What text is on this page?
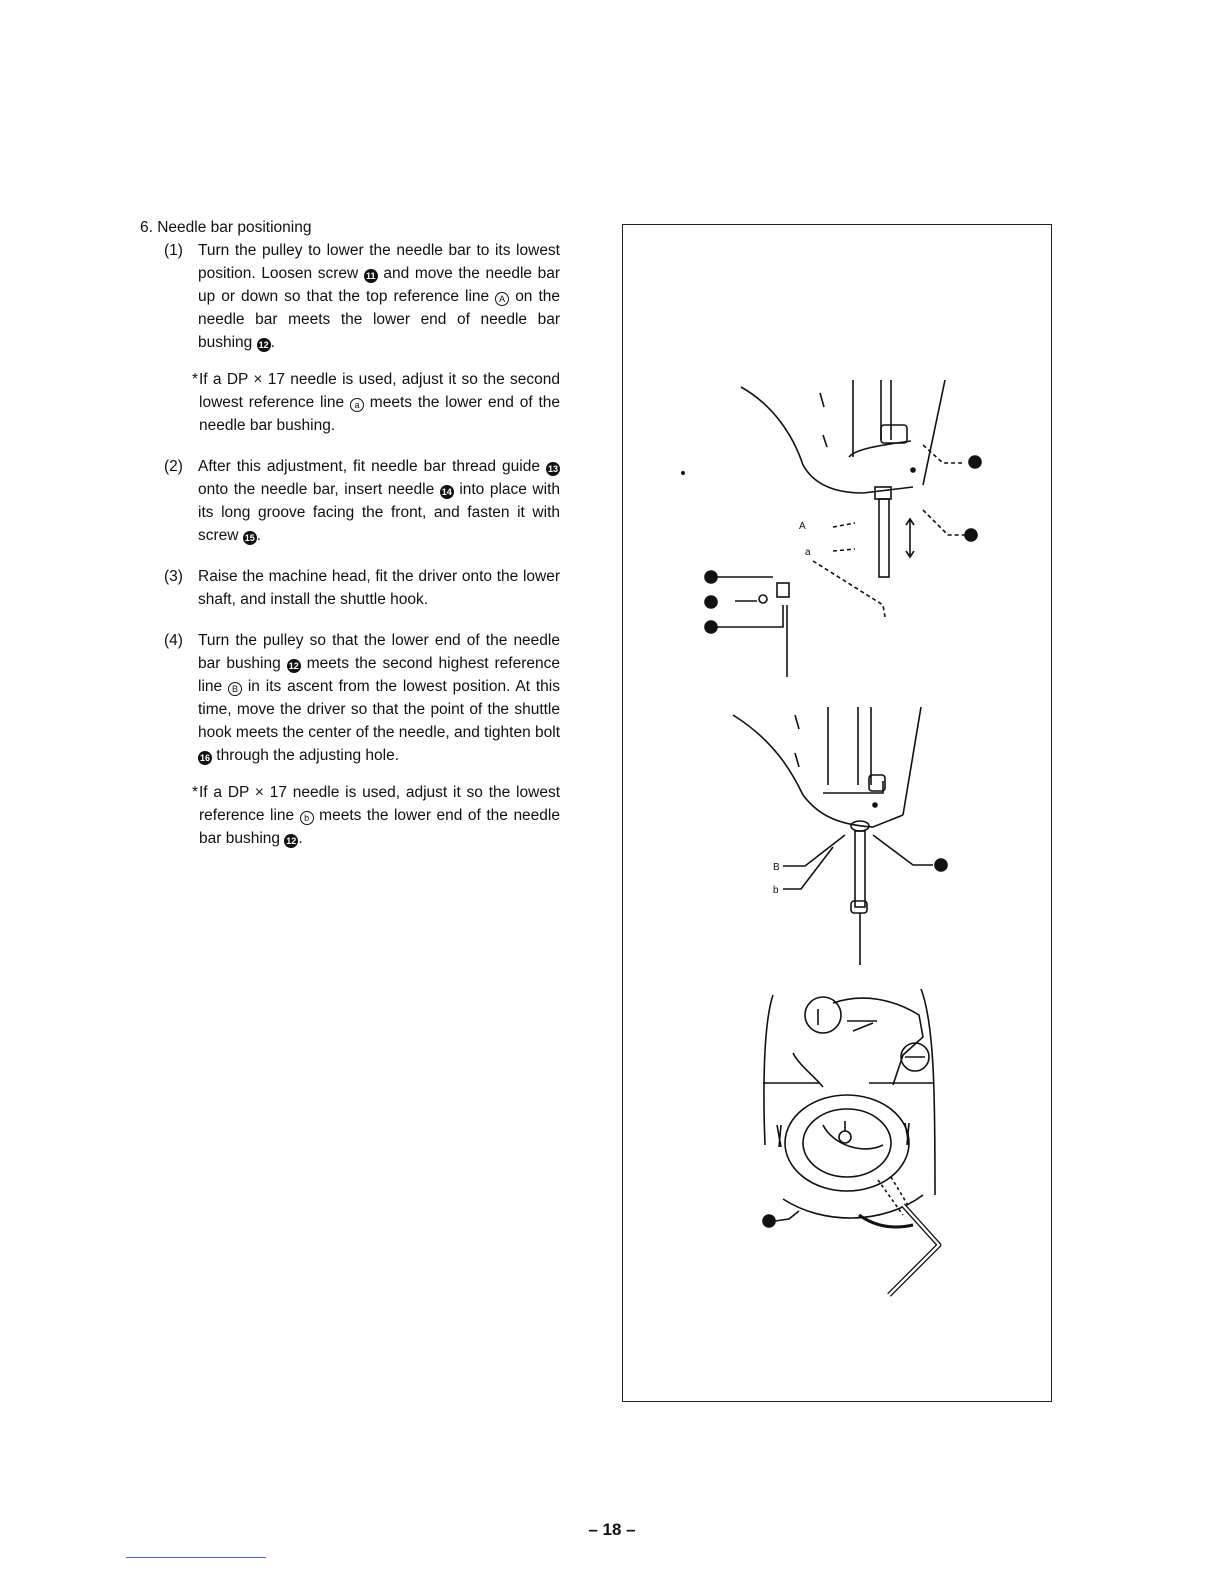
6. Needle bar positioning
(1) Turn the pulley to lower the needle bar to its lowest position. Loosen screw 11 and move the needle bar up or down so that the top reference line A on the needle bar meets the lower end of needle bar bushing 12 .
* If a DP × 17 needle is used, adjust it so the second lowest reference line a meets the lower end of the needle bar bushing.
(2) After this adjustment, fit needle bar thread guide 13 onto the needle bar, insert needle 14 into place with its long groove facing the front, and fasten it with screw 15 .
(3) Raise the machine head, fit the driver onto the lower shaft, and install the shuttle hook.
(4) Turn the pulley so that the lower end of the needle bar bushing 12 meets the second highest reference line B in its ascent from the lowest position. At this time, move the driver so that the point of the shuttle hook meets the center of the needle, and tighten bolt 16 through the adjusting hole.
* If a DP × 17 needle is used, adjust it so the lowest reference line b meets the lower end of the needle bar bushing 12 .
A
a
B
b
– 18 –
